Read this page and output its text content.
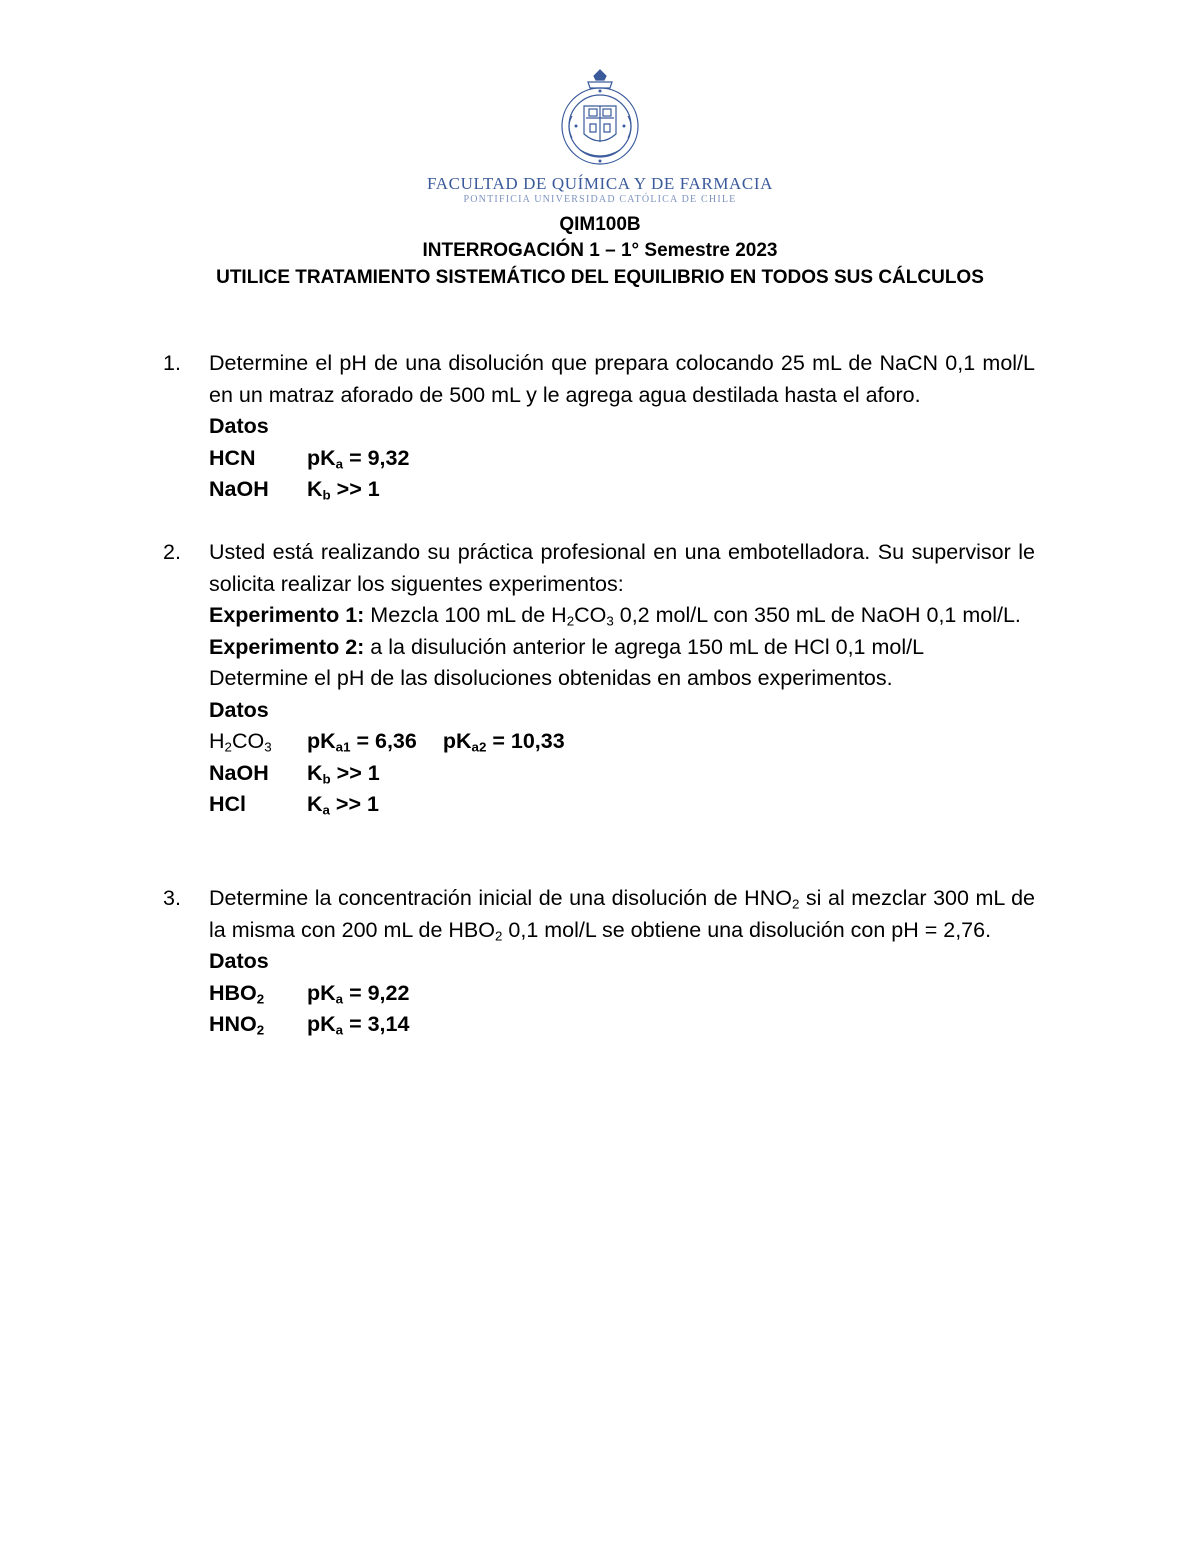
FACULTAD DE QUÍMICA Y DE FARMACIA
PONTIFICIA UNIVERSIDAD CATÓLICA DE CHILE
QIM100B
INTERROGACIÓN 1 – 1° Semestre 2023
UTILICE TRATAMIENTO SISTEMÁTICO DEL EQUILIBRIO EN TODOS SUS CÁLCULOS
1.	Determine el pH de una disolución que prepara colocando 25 mL de NaCN 0,1 mol/L en un matraz aforado de 500 mL y le agrega agua destilada hasta el aforo.
Datos
HCN	$pK_a = 9,32$
NaOH	$K_b >> 1$
2.	Usted está realizando su práctica profesional en una embotelladora. Su supervisor le solicita realizar los siguentes experimentos:
Experimento 1: Mezcla 100 mL de $H_2CO_3$ 0,2 mol/L con 350 mL de NaOH 0,1 mol/L.
Experimento 2: a la disulución anterior le agrega 150 mL de HCl 0,1 mol/L
Determine el pH de las disoluciones obtenidas en ambos experimentos.
Datos
$H_2CO_3$	$pK_{a1} = 6,36$ $pK_{a2} = 10,33$
NaOH	$K_b >> 1$
HCl	$K_a >> 1$
3.	Determine la concentración inicial de una disolución de $HNO_2$ si al mezclar 300 mL de la misma con 200 mL de $HBO_2$ 0,1 mol/L se obtiene una disolución con pH = 2,76.
Datos
$HBO_2$	$pK_a = 9,22$
$HNO_2$	$pK_a = 3,14$
